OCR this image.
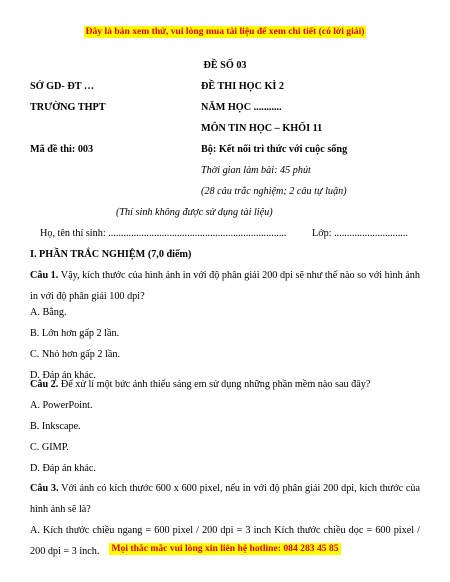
Đây là bản xem thử, vui lòng mua tài liệu để xem chi tiết (có lời giải)
ĐỀ SỐ 03
SỞ GD- ĐT …	ĐỀ THI HỌC KÌ 2
TRƯỜNG THPT	NĂM HỌC ...........
MÔN TIN HỌC – KHỐI 11
Mã đề thi: 003	Bộ: Kết nối tri thức với cuộc sống
Thời gian làm bài: 45 phút
(28 câu trắc nghiệm; 2 câu tự luận)
(Thí sinh không được sử dụng tài liệu)
Họ, tên thí sinh: ......................................................................	Lớp: .............................
I. PHẦN TRẮC NGHIỆM (7,0 điểm)
Câu 1. Vậy, kích thước của hình ảnh in với độ phân giải 200 dpi sẽ như thế nào so với hình ảnh in với độ phân giải 100 dpi?
A. Bằng.
B. Lớn hơn gấp 2 lần.
C. Nhỏ hơn gấp 2 lần.
D. Đáp án khác.
Câu 2. Để xử lí một bức ảnh thiếu sáng em sử dụng những phần mềm nào sau đây?
A. PowerPoint.
B. Inkscape.
C. GIMP.
D. Đáp án khác.
Câu 3. Với ảnh có kích thước 600 x 600 pixel, nếu in với độ phân giải 200 dpi, kích thước của hình ảnh sẽ là?
A. Kích thước chiều ngang = 600 pixel / 200 dpi = 3 inch Kích thước chiều dọc = 600 pixel / 200 dpi = 3 inch.	Mọi thắc mắc vui lòng xin liên hệ hotline: 084 283 45 85
